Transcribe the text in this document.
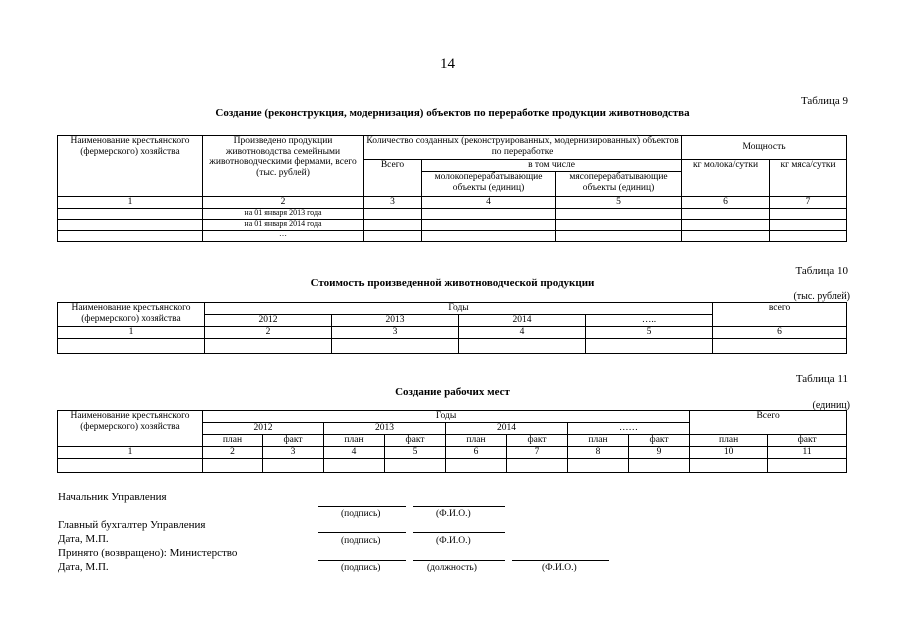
14
Таблица 9
Создание (реконструкция, модернизация) объектов по переработке продукции животноводства
Наименование крестьянского (фермерского) хозяйства	Произведено продукции животноводства семейными животноводческими фермами, всего (тыс. рублей)	Количество созданных (реконструированных, модернизированных) объектов по переработке			Мощность	
		Всего	в том числе		кг молока/сутки	кг мяса/сутки
			молокоперерабатывающие объекты (единиц)	мясоперерабатывающие объекты (единиц)		
1	2	3	4	5	6	7
	на 01 января 2013 года					
	на 01 января 2014 года					
	…					
Таблица 10
Стоимость произведенной животноводческой продукции
(тыс. рублей)
Наименование крестьянского (фермерского) хозяйства	Годы				всего
	2012	2013	2014	…..	
1	2	3	4	5	6

Таблица 11
Создание рабочих мест
(единиц)
Наименование крестьянского (фермерского) хозяйства	Годы								Всего	
	2012		2013		2014		……			
	план	факт	план	факт	план	факт	план	факт	план	факт
1	2	3	4	5	6	7	8	9	10	11

Начальник Управления
(подпись)	(Ф.И.О.)
Главный бухгалтер Управления
Дата, М.П.	(подпись)	(Ф.И.О.)
Принято (возвращено): Министерство
Дата, М.П.	(подпись)	(должность)	(Ф.И.О.)
